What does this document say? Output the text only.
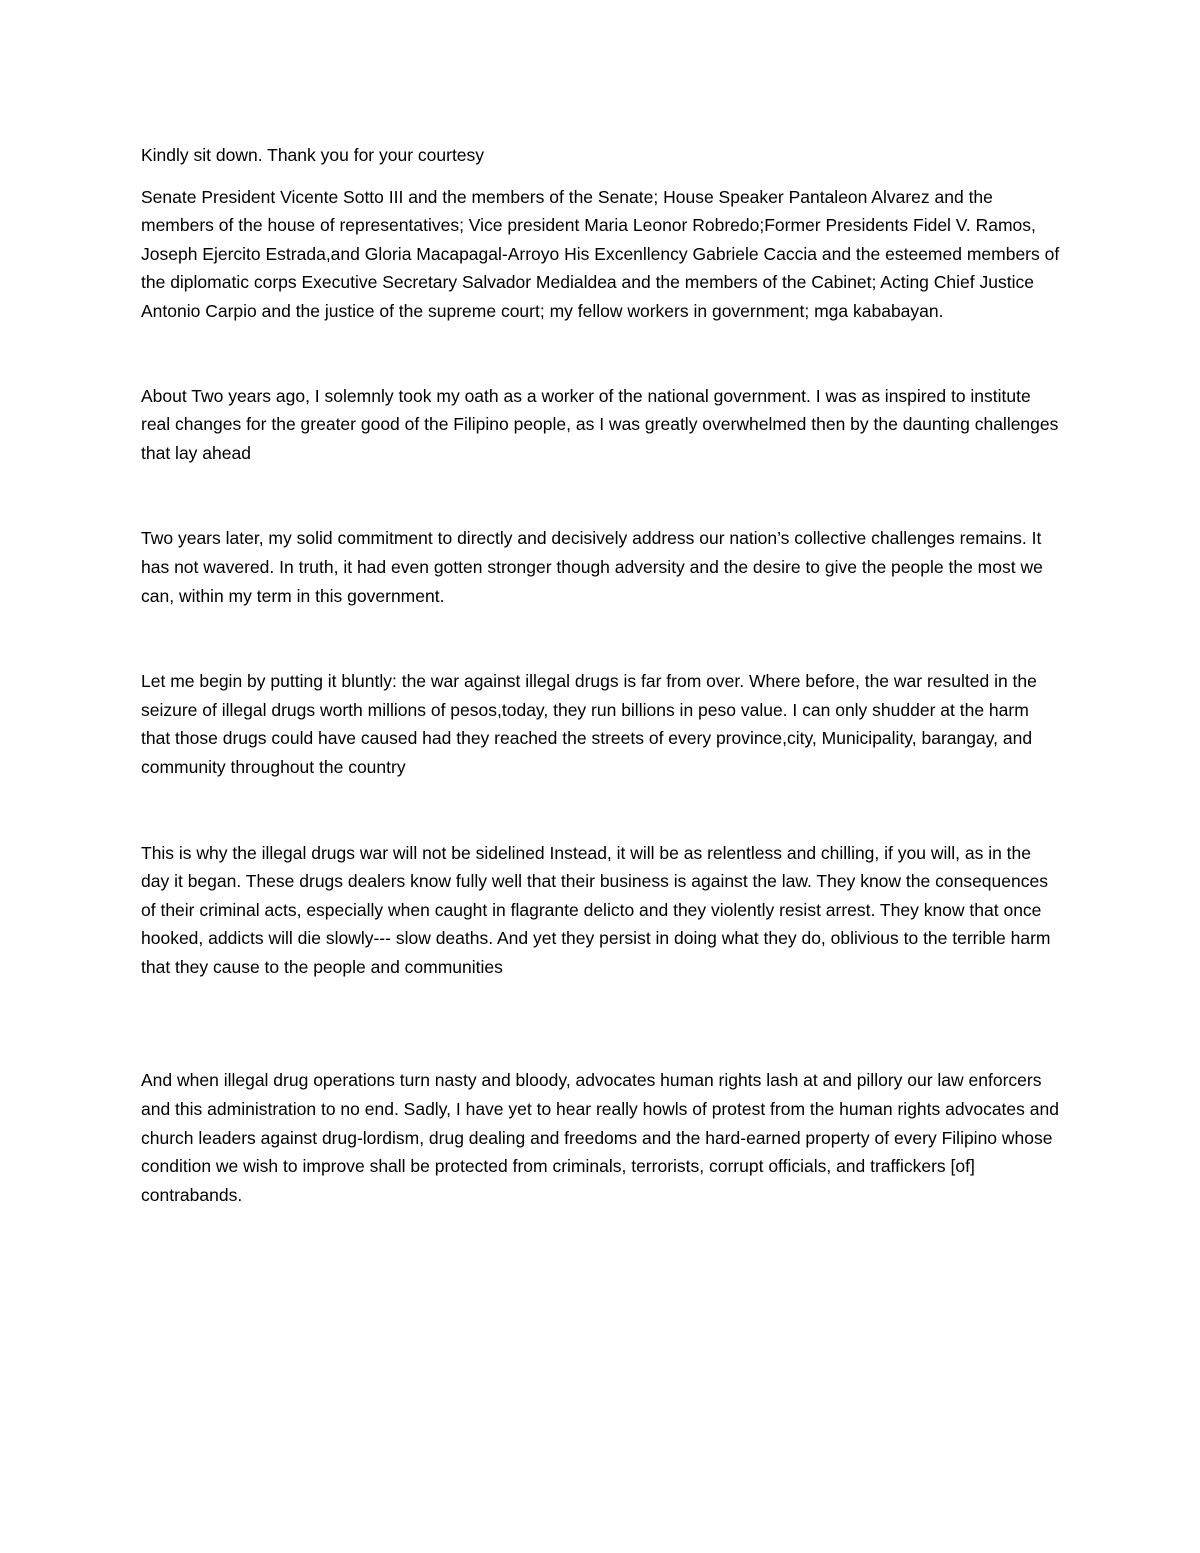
Kindly sit down. Thank you for your courtesy

Senate President Vicente Sotto III and the members of the Senate; House Speaker Pantaleon Alvarez and the members of the house of representatives; Vice president Maria Leonor Robredo;Former Presidents Fidel V. Ramos, Joseph Ejercito Estrada,and Gloria Macapagal-Arroyo His Excenllency Gabriele Caccia and the esteemed members of the diplomatic corps Executive Secretary Salvador Medialdea and the members of the Cabinet; Acting Chief Justice Antonio Carpio and the justice of the supreme court; my fellow workers in government; mga kababayan.

About Two years ago, I solemnly took my oath as a worker of the national government. I was as inspired to institute real changes for the greater good of the Filipino people, as I was greatly overwhelmed then by the daunting challenges that lay ahead

Two years later, my solid commitment to directly and decisively address our nation’s collective challenges remains. It has not wavered. In truth, it had even gotten stronger though adversity and the desire to give the people the most we can, within my term in this government.

Let me begin by putting it bluntly: the war against illegal drugs is far from over. Where before, the war resulted in the seizure of illegal drugs worth millions of pesos,today, they run billions in peso value. I can only shudder at the harm that those drugs could have caused had they reached the streets of every province,city, Municipality, barangay, and community throughout the country

This is why the illegal drugs war will not be sidelined Instead, it will be as relentless and chilling, if you will, as in the day it began. These drugs dealers know fully well that their business is against the law. They know the consequences of their criminal acts, especially when caught in flagrante delicto and they violently resist arrest. They know that once hooked, addicts will die slowly--- slow deaths. And yet they persist in doing what they do, oblivious to the terrible harm that they cause to the people and communities

And when illegal drug operations turn nasty and bloody, advocates human rights lash at and pillory our law enforcers and this administration to no end. Sadly, I have yet to hear really howls of protest from the human rights advocates and church leaders against drug-lordism, drug dealing and freedoms and the hard-earned property of every Filipino whose condition we wish to improve shall be protected from criminals, terrorists, corrupt officials, and traffickers [of] contrabands.
